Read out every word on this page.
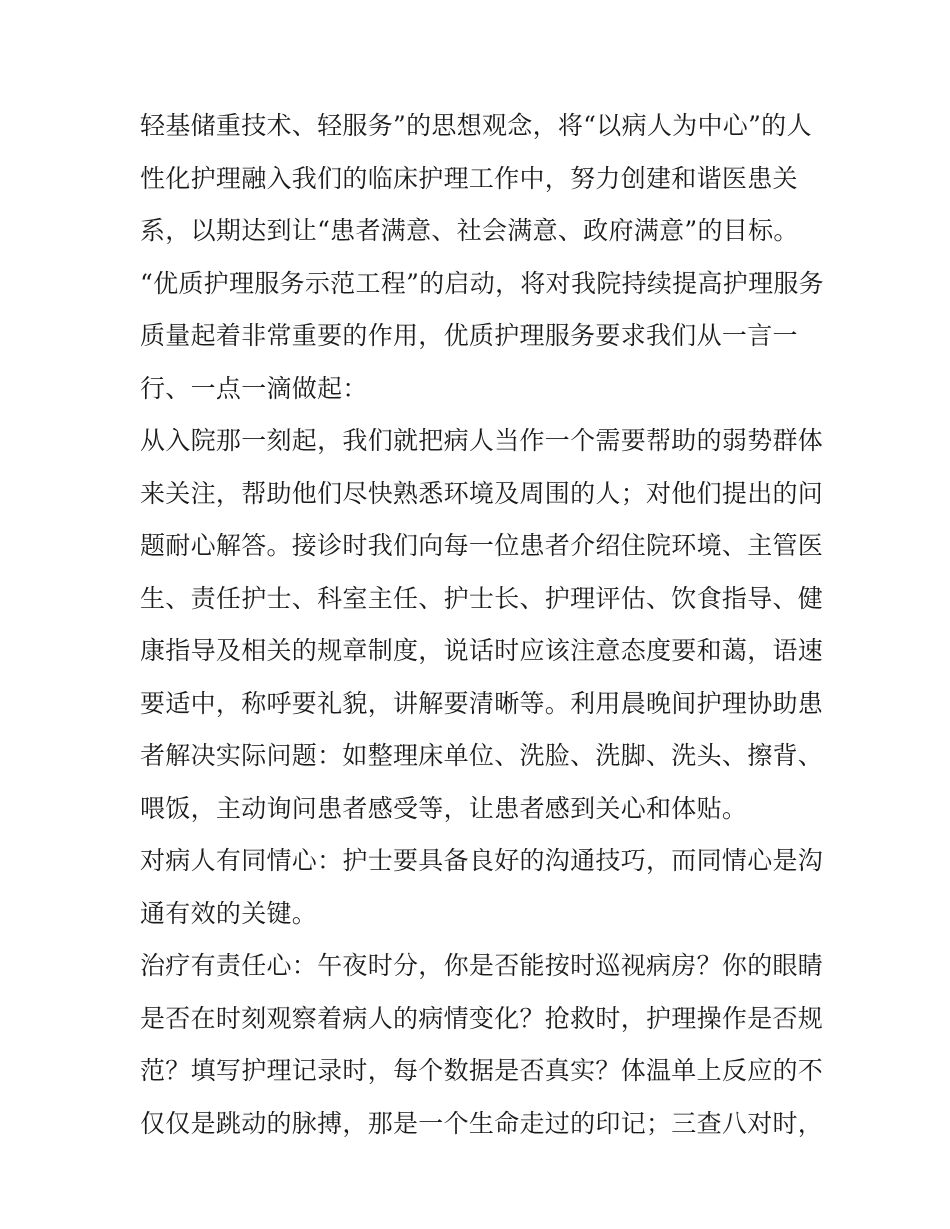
轻基储重技术、轻服务”的思想观念，将“以病人为中心”的人
性化护理融入我们的临床护理工作中，努力创建和谐医患关
系，以期达到让“患者满意、社会满意、政府满意”的目标。
“优质护理服务示范工程”的启动，将对我院持续提高护理服务
质量起着非常重要的作用，优质护理服务要求我们从一言一
行、一点一滴做起：
从入院那一刻起，我们就把病人当作一个需要帮助的弱势群体
来关注，帮助他们尽快熟悉环境及周围的人；对他们提出的问
题耐心解答。接诊时我们向每一位患者介绍住院环境、主管医
生、责任护士、科室主任、护士长、护理评估、饮食指导、健
康指导及相关的规章制度，说话时应该注意态度要和蔼，语速
要适中，称呼要礼貌，讲解要清晰等。利用晨晚间护理协助患
者解决实际问题：如整理床单位、洗脸、洗脚、洗头、擦背、
喂饭，主动询问患者感受等，让患者感到关心和体贴。
对病人有同情心：护士要具备良好的沟通技巧，而同情心是沟
通有效的关键。
治疗有责任心：午夜时分，你是否能按时巡视病房？你的眼睛
是否在时刻观察着病人的病情变化？抢救时，护理操作是否规
范？填写护理记录时，每个数据是否真实？体温单上反应的不
仅仅是跳动的脉搏，那是一个生命走过的印记；三查八对时，
